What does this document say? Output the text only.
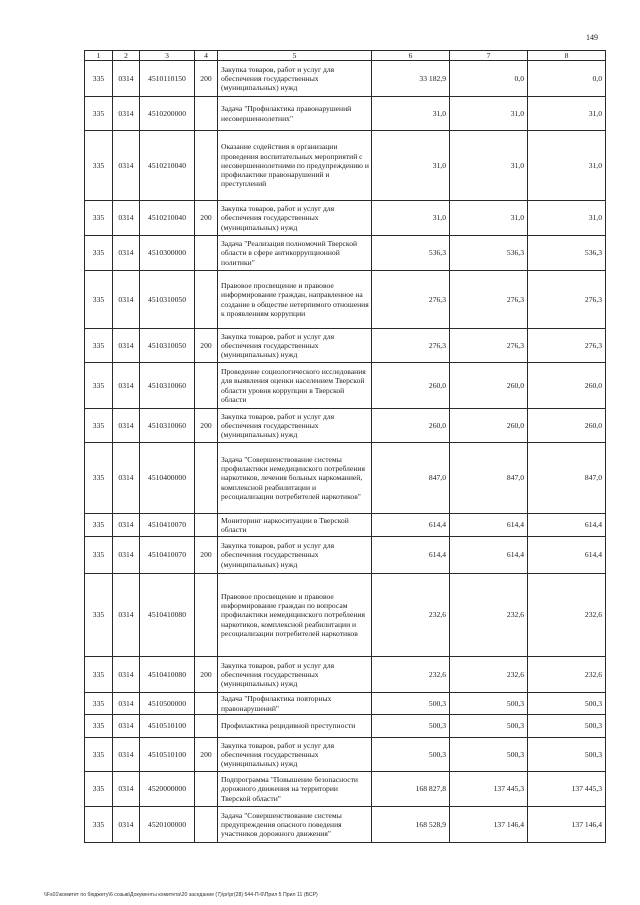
149
1	2	3	4	5	6	7	8
335	0314	4510110150	200	Закупка товаров, работ и услуг для обеспечения государственных (муниципальных) нужд	33 182,9	0,0	0,0
335	0314	4510200000		Задача "Профилактика правонарушений несовершеннолетних"	31,0	31,0	31,0
335	0314	4510210040		Оказание содействия в организации проведения воспитательных мероприятий с несовершеннолетними по предупреждению и профилактике правонарушений и преступлений	31,0	31,0	31,0
335	0314	4510210040	200	Закупка товаров, работ и услуг для обеспечения государственных (муниципальных) нужд	31,0	31,0	31,0
335	0314	4510300000		Задача "Реализация полномочий Тверской области в сфере антикоррупционной политики"	536,3	536,3	536,3
335	0314	4510310050		Правовое просвещение и правовое информирование граждан, направленное на создание в обществе нетерпимого отношения к проявлениям коррупции	276,3	276,3	276,3
335	0314	4510310050	200	Закупка товаров, работ и услуг для обеспечения государственных (муниципальных) нужд	276,3	276,3	276,3
335	0314	4510310060		Проведение социологического исследования для выявления оценки населением Тверской области уровня коррупции в Тверской области	260,0	260,0	260,0
335	0314	4510310060	200	Закупка товаров, работ и услуг для обеспечения государственных (муниципальных) нужд	260,0	260,0	260,0
335	0314	4510400000		Задача "Совершенствование системы профилактики немедицинского потребления наркотиков, лечения больных наркоманией, комплексной реабилитации и ресоциализации потребителей наркотиков"	847,0	847,0	847,0
335	0314	4510410070		Мониторинг наркоситуации в Тверской области	614,4	614,4	614,4
335	0314	4510410070	200	Закупка товаров, работ и услуг для обеспечения государственных (муниципальных) нужд	614,4	614,4	614,4
335	0314	4510410080		Правовое просвещение и правовое информирование граждан по вопросам профилактики немедицинского потребления наркотиков, комплексной реабилитации и ресоциализации потребителей наркотиков	232,6	232,6	232,6
335	0314	4510410080	200	Закупка товаров, работ и услуг для обеспечения государственных (муниципальных) нужд	232,6	232,6	232,6
335	0314	4510500000		Задача "Профилактика повторных правонарушений"	500,3	500,3	500,3
335	0314	4510510100		Профилактика рецидивной преступности	500,3	500,3	500,3
335	0314	4510510100	200	Закупка товаров, работ и услуг для обеспечения государственных (муниципальных) нужд	500,3	500,3	500,3
335	0314	4520000000		Подпрограмма "Повышение безопасности дорожного движения на территории Тверской области"	168 827,8	137 445,3	137 445,3
335	0314	4520100000		Задача "Совершенствование системы предупреждения опасного поведения участников дорожного движения"	168 528,9	137 146,4	137 146,4
\\Fs01\комитет по бюджету\6 созыв\Документы комитета\20 заседание (7)\pr\pr(28) 544-П-6\Прил 5 Прил 11 (ВСР)
